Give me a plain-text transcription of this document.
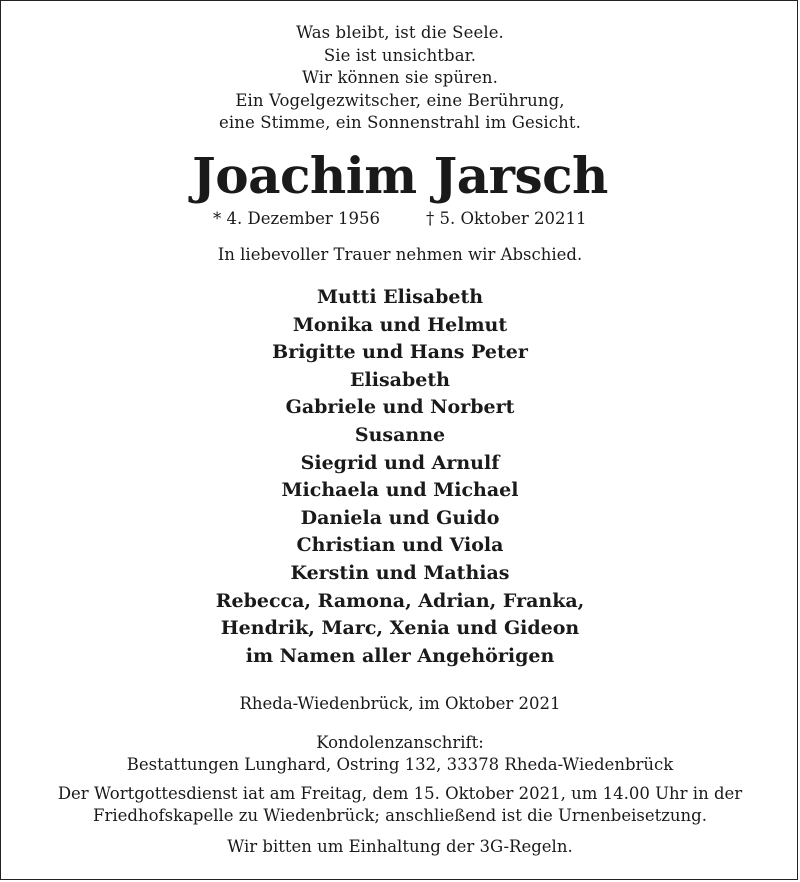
Was bleibt, ist die Seele.
Sie ist unsichtbar.
Wir können sie spüren.
Ein Vogelgezwitscher, eine Berührung,
eine Stimme, ein Sonnenstrahl im Gesicht.
Joachim Jarsch
* 4. Dezember 1956	† 5. Oktober 20211
In liebevoller Trauer nehmen wir Abschied.
Mutti Elisabeth
Monika und Helmut
Brigitte und Hans Peter
Elisabeth
Gabriele und Norbert
Susanne
Siegrid und Arnulf
Michaela und Michael
Daniela und Guido
Christian und Viola
Kerstin und Mathias
Rebecca, Ramona, Adrian, Franka,
Hendrik, Marc, Xenia und Gideon
im Namen aller Angehörigen
Rheda-Wiedenbrück, im Oktober 2021
Kondolenzanschrift:
Bestattungen Lunghard, Ostring 132, 33378 Rheda-Wiedenbrück
Der Wortgottesdienst iat am Freitag, dem 15. Oktober 2021, um 14.00 Uhr in der
Friedhofskapelle zu Wiedenbrück; anschließend ist die Urnenbeisetzung.
Wir bitten um Einhaltung der 3G-Regeln.
